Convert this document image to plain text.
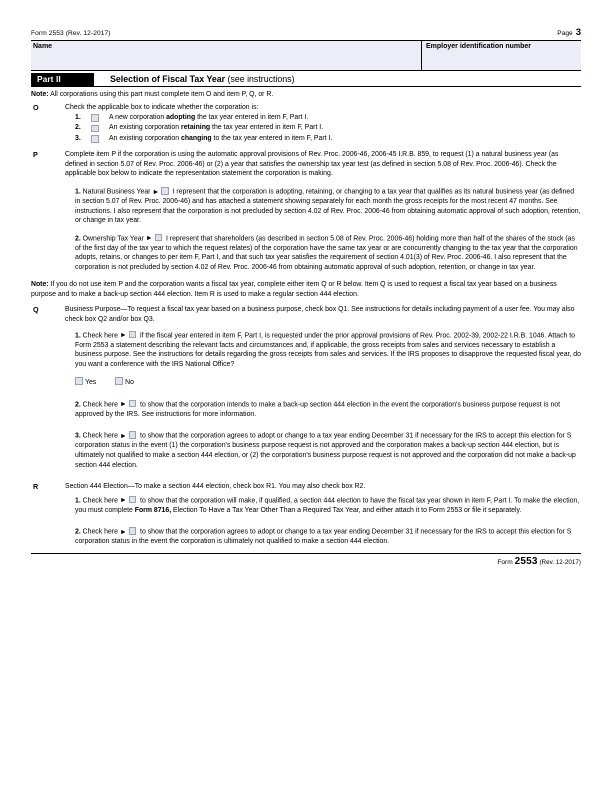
Form 2553 (Rev. 12-2017)	Page 3
Name	Employer identification number
Part II	Selection of Fiscal Tax Year (see instructions)

Note: All corporations using this part must complete item O and item P, Q, or R.

O	Check the applicable box to indicate whether the corporation is:

1.	A new corporation adopting the tax year entered in item F, Part I.
2.	An existing corporation retaining the tax year entered in item F, Part I.
3.	An existing corporation changing to the tax year entered in item F, Part I.
P	Complete item P if the corporation is using the automatic approval provisions of Rev. Proc. 2006-46, 2006-45 I.R.B. 859, to request (1) a natural business year (as defined in section 5.07 of Rev. Proc. 2006-46) or (2) a year that satisfies the ownership tax year test (as defined in section 5.08 of Rev. Proc. 2006-46). Check the applicable box below to indicate the representation statement the corporation is making.

1. Natural Business Year ► I represent that the corporation is adopting, retaining, or changing to a tax year that qualifies as its natural business year (as defined in section 5.07 of Rev. Proc. 2006-46) and has attached a statement showing separately for each month the gross receipts for the most recent 47 months. See instructions. I also represent that the corporation is not precluded by section 4.02 of Rev. Proc. 2006-46 from obtaining automatic approval of such adoption, retention, or change in tax year.

2. Ownership Tax Year ► I represent that shareholders (as described in section 5.08 of Rev. Proc. 2006-46) holding more than half of the shares of the stock (as of the first day of the tax year to which the request relates) of the corporation have the same tax year or are concurrently changing to the tax year that the corporation adopts, retains, or changes to per item F, Part I, and that such tax year satisfies the requirement of section 4.01(3) of Rev. Proc. 2006-46. I also represent that the corporation is not precluded by section 4.02 of Rev. Proc. 2006-46 from obtaining automatic approval of such adoption, retention, or change in tax year.

Note: If you do not use item P and the corporation wants a fiscal tax year, complete either item Q or R below. Item Q is used to request a fiscal tax year based on a business purpose and to make a back-up section 444 election. Item R is used to make a regular section 444 election.

Q	Business Purpose—To request a fiscal tax year based on a business purpose, check box Q1. See instructions for details including payment of a user fee. You may also check box Q2 and/or box Q3.

1. Check here ► if the fiscal year entered in item F, Part I, is requested under the prior approval provisions of Rev. Proc. 2002-39, 2002-22 I.R.B. 1046. Attach to Form 2553 a statement describing the relevant facts and circumstances and, if applicable, the gross receipts from sales and services necessary to establish a business purpose. See the instructions for details regarding the gross receipts from sales and services. If the IRS proposes to disapprove the requested fiscal year, do you want a conference with the IRS National Office?

Yes	No

2. Check here ► to show that the corporation intends to make a back-up section 444 election in the event the corporation's business purpose request is not approved by the IRS. See instructions for more information.

3. Check here ► to show that the corporation agrees to adopt or change to a tax year ending December 31 if necessary for the IRS to accept this election for S corporation status in the event (1) the corporation's business purpose request is not approved and the corporation makes a back-up section 444 election, but is ultimately not qualified to make a section 444 election, or (2) the corporation's business purpose request is not approved and the corporation did not make a back-up section 444 election.

R	Section 444 Election—To make a section 444 election, check box R1. You may also check box R2.

1. Check here ► to show that the corporation will make, if qualified, a section 444 election to have the fiscal tax year shown in item F, Part I. To make the election, you must complete Form 8716, Election To Have a Tax Year Other Than a Required Tax Year, and either attach it to Form 2553 or file it separately.

2. Check here ► to show that the corporation agrees to adopt or change to a tax year ending December 31 if necessary for the IRS to accept this election for S corporation status in the event the corporation is ultimately not qualified to make a section 444 election.

Form 2553 (Rev. 12-2017)
